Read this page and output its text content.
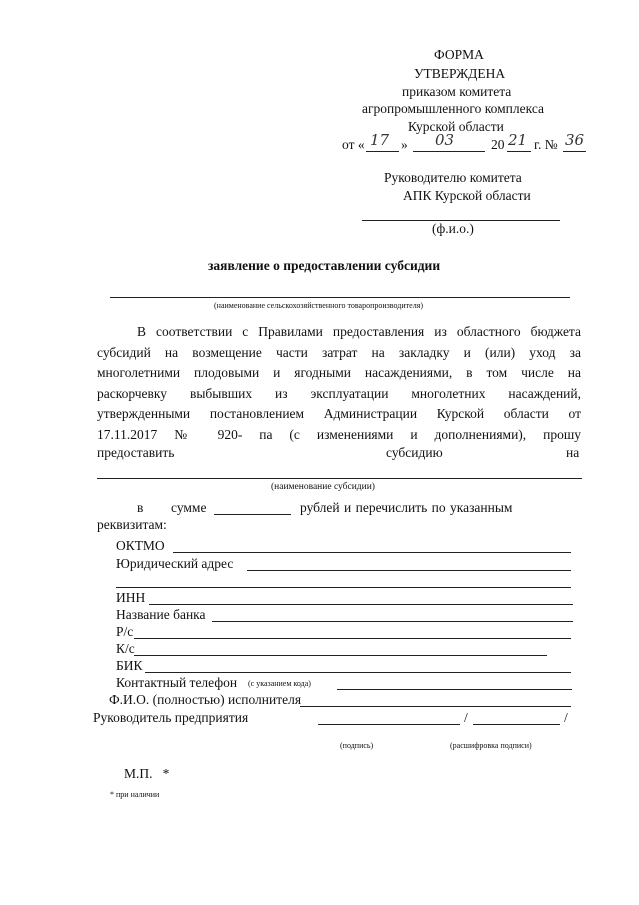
ФОРМА
УТВЕРЖДЕНА
приказом комитета
агропромышленного комплекса
Курской области
от « 17 » 03	20 21 г. № 36
Руководителю комитета
АПК Курской области
(ф.и.о.)
заявление о предоставлении субсидии
(наименование сельскохозяйственного товаропроизводителя)
В соответствии с Правилами предоставления из областного бюджета
субсидий на возмещение части затрат на закладку и (или) уход за
многолетними плодовыми и ягодными насаждениями, в том числе на
раскорчевку выбывших из эксплуатации многолетних насаждений,
утвержденными постановлением Администрации Курской области от
17.11.2017 № 920- па (с изменениями и дополнениями), прошу
предоставить	субсидию	на
(наименование субсидии)
в сумме	рублей и перечислить по указанным
реквизитам:
ОКТМО
Юридический адрес
ИНН
Название банка
Р/с
К/с
БИК
Контактный телефон (с указанием кода)
Ф.И.О. (полностью) исполнителя
Руководитель предприятия	/	/
(подпись)	(расшифровка подписи)
М.П.   *
* при наличии
